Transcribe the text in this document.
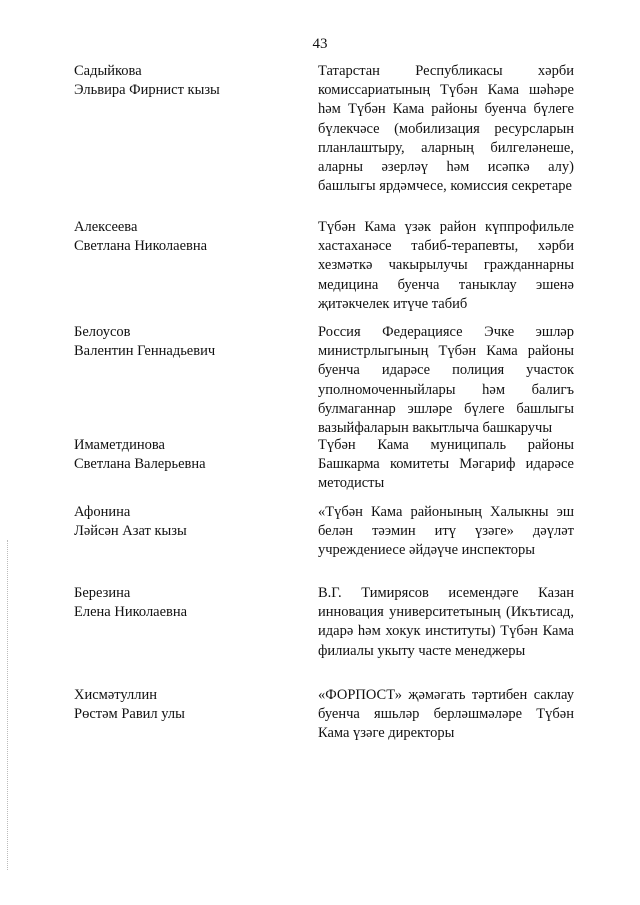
43
Садыйкова
Эльвира Фирнист кызы
Татарстан Республикасы хәрби комиссариатының Түбән Кама шәһәре һәм Түбән Кама районы буенча бүлеге бүлекчәсе (мобилизация ресурсларын планлаштыру, аларның билгеләнеше, аларны әзерләү һәм исәпкә алу) башлыгы ярдәмчесе, комиссия секретаре
Алексеева
Светлана Николаевна
Түбән Кама үзәк район күппрофильле хастаханәсе табиб-терапевты, хәрби хезмәткә чакырылучы гражданнарны медицина буенча таныклау эшенә җитәкчелек итүче табиб
Белоусов
Валентин Геннадьевич
Россия Федерациясе Эчке эшләр министрлыгының Түбән Кама районы буенча идарәсе полиция участок уполномоченныйлары һәм балигъ булмаганнар эшләре бүлеге башлыгы вазыйфаларын вакытлыча башкаручы
Имаметдинова
Светлана Валерьевна
Түбән Кама муниципаль районы Башкарма комитеты Мәгариф идарәсе методисты
Афонина
Ләйсән Азат кызы
«Түбән Кама районының Халыкны эш белән тәэмин итү үзәге» дәүләт учреждениесе әйдәүче инспекторы
Березина
Елена Николаевна
В.Г. Тимирясов исемендәге Казан инновация университетының (Икътисад, идарә һәм хокук институты) Түбән Кама филиалы укыту часте менеджеры
Хисмәтуллин
Рөстәм Равил улы
«ФОРПОСТ» җәмәгать тәртибен саклау буенча яшьләр берләшмәләре Түбән Кама үзәге директоры
